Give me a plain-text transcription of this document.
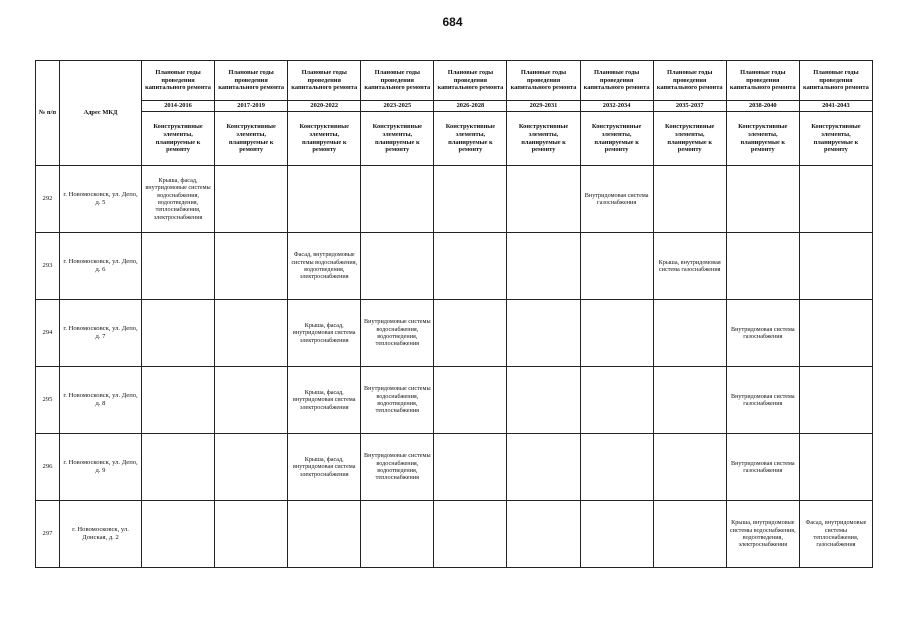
684
№ п/п	Адрес МКД	Плановые годы проведения капитального ремонта	Плановые годы проведения капитального ремонта	Плановые годы проведения капитального ремонта	Плановые годы проведения капитального ремонта	Плановые годы проведения капитального ремонта	Плановые годы проведения капитального ремонта	Плановые годы проведения капитального ремонта	Плановые годы проведения капитального ремонта	Плановые годы проведения капитального ремонта	Плановые годы проведения капитального ремонта
		2014-2016	2017-2019	2020-2022	2023-2025	2026-2028	2029-2031	2032-2034	2035-2037	2038-2040	2041-2043
		Конструктивные элементы, планируемые к ремонту	Конструктивные элементы, планируемые к ремонту	Конструктивные элементы, планируемые к ремонту	Конструктивные элементы, планируемые к ремонту	Конструктивные элементы, планируемые к ремонту	Конструктивные элементы, планируемые к ремонту	Конструктивные элементы, планируемые к ремонту	Конструктивные элементы, планируемые к ремонту	Конструктивные элементы, планируемые к ремонту	Конструктивные элементы, планируемые к ремонту
292	г. Новомосковск, ул. Депо, д. 5	Крыша, фасад, внутридомовые системы водоснабжения, водоотведения, теплоснабжения, электроснабжения						Внутридомовая система газоснабжения			
293	г. Новомосковск, ул. Депо, д. 6			Фасад, внутридомовые системы водоснабжения, водоотведения, электроснабжения					Крыша, внутридомовая система газоснабжения		
294	г. Новомосковск, ул. Депо, д. 7			Крыша, фасад, внутридомовая система электроснабжения	Внутридомовые системы водоснабжения, водоотведения, теплоснабжения					Внутридомовая система газоснабжения	
295	г. Новомосковск, ул. Депо, д. 8			Крыша, фасад, внутридомовая система электроснабжения	Внутридомовые системы водоснабжения, водоотведения, теплоснабжения					Внутридомовая система газоснабжения	
296	г. Новомосковск, ул. Депо, д. 9			Крыша, фасад, внутридомовая система электроснабжения	Внутридомовые системы водоснабжения, водоотведения, теплоснабжения					Внутридомовая система газоснабжения	
297	г. Новомосковск, ул. Донская, д. 2									Крыша, внутридомовые системы водоснабжения, водоотведения, электроснабжения	Фасад, внутридомовые системы теплоснабжения, газоснабжения
